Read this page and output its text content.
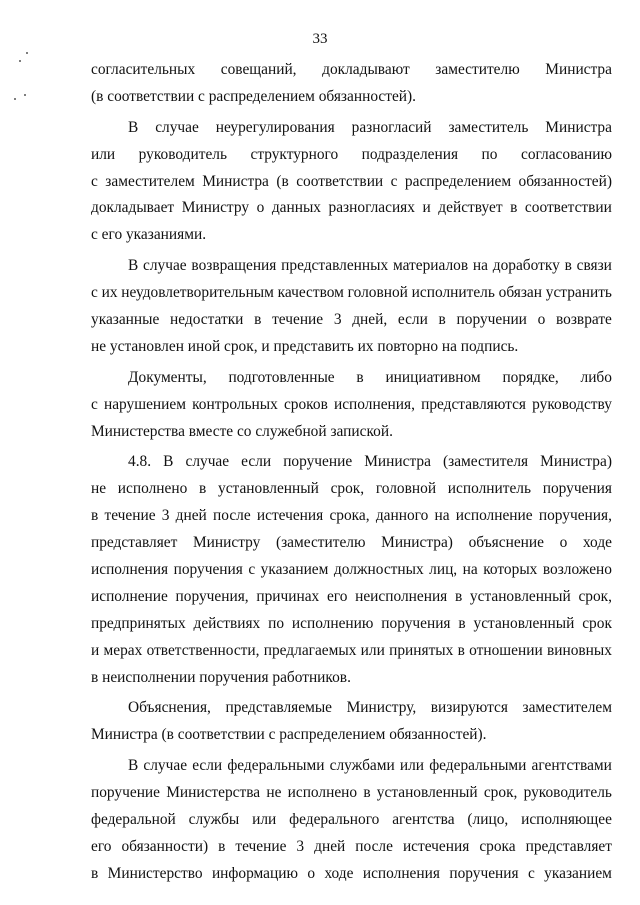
33
согласительных совещаний, докладывают заместителю Министра
(в соответствии с распределением обязанностей).
В случае неурегулирования разногласий заместитель Министра
или руководитель структурного подразделения по согласованию
с заместителем Министра (в соответствии с распределением обязанностей)
докладывает Министру о данных разногласиях и действует в соответствии
с его указаниями.
В случае возвращения представленных материалов на доработку в связи
с их неудовлетворительным качеством головной исполнитель обязан устранить
указанные недостатки в течение 3 дней, если в поручении о возврате
не установлен иной срок, и представить их повторно на подпись.
Документы, подготовленные в инициативном порядке, либо
с нарушением контрольных сроков исполнения, представляются руководству
Министерства вместе со служебной запиской.
4.8. В случае если поручение Министра (заместителя Министра)
не исполнено в установленный срок, головной исполнитель поручения
в течение 3 дней после истечения срока, данного на исполнение поручения,
представляет Министру (заместителю Министра) объяснение о ходе
исполнения поручения с указанием должностных лиц, на которых возложено
исполнение поручения, причинах его неисполнения в установленный срок,
предпринятых действиях по исполнению поручения в установленный срок
и мерах ответственности, предлагаемых или принятых в отношении виновных
в неисполнении поручения работников.
Объяснения, представляемые Министру, визируются заместителем
Министра (в соответствии с распределением обязанностей).
В случае если федеральными службами или федеральными агентствами
поручение Министерства не исполнено в установленный срок, руководитель
федеральной службы или федерального агентства (лицо, исполняющее
его обязанности) в течение 3 дней после истечения срока представляет
в Министерство информацию о ходе исполнения поручения с указанием
